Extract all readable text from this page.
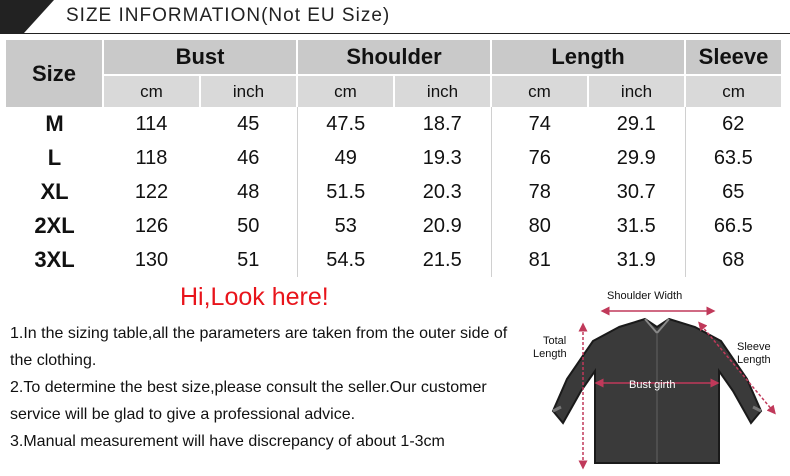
SIZE INFORMATION(Not EU Size)
Size	Bust		Shoulder		Length		Sleeve
	cm	inch	cm	inch	cm	inch	cm
M	114	45	47.5	18.7	74	29.1	62
L	118	46	49	19.3	76	29.9	63.5
XL	122	48	51.5	20.3	78	30.7	65
2XL	126	50	53	20.9	80	31.5	66.5
3XL	130	51	54.5	21.5	81	31.9	68
Hi,Look here!

1.In the sizing table,all the parameters are taken from the outer side of the clothing.

2.To determine the best size,please consult the seller.Our customer service will be glad to give a professional advice.

3.Manual measurement will have discrepancy of about 1-3cm

Shoulder Width
Total
Length
Sleeve
Length
Bust girth
